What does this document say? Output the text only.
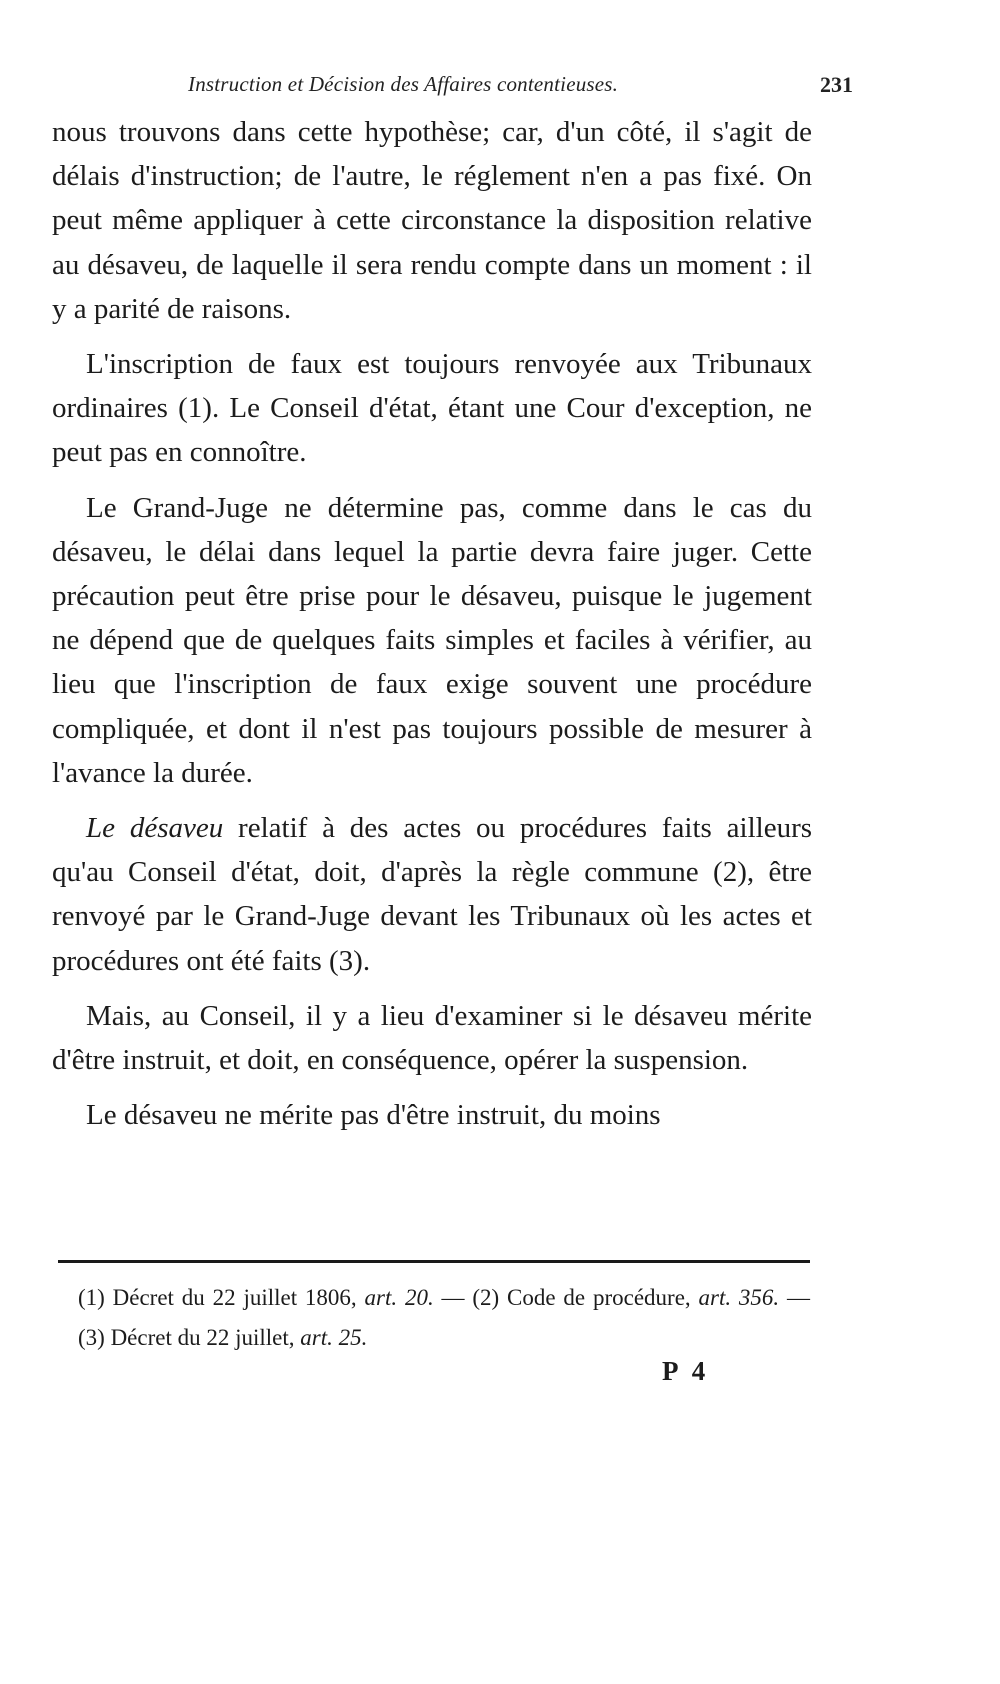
Instruction et Décision des Affaires contentieuses.	231

nous trouvons dans cette hypothèse; car, d'un côté, il s'agit de délais d'instruction; de l'autre, le réglement n'en a pas fixé. On peut même appliquer à cette circonstance la disposition relative au désaveu, de laquelle il sera rendu compte dans un moment : il y a parité de raisons.

L'inscription de faux est toujours renvoyée aux Tribunaux ordinaires (1). Le Conseil d'état, étant une Cour d'exception, ne peut pas en connoître.

Le Grand-Juge ne détermine pas, comme dans le cas du désaveu, le délai dans lequel la partie devra faire juger. Cette précaution peut être prise pour le désaveu, puisque le jugement ne dépend que de quelques faits simples et faciles à vérifier, au lieu que l'inscription de faux exige souvent une procédure compliquée, et dont il n'est pas toujours possible de mesurer à l'avance la durée.

Le désaveu relatif à des actes ou procédures faits ailleurs qu'au Conseil d'état, doit, d'après la règle commune (2), être renvoyé par le Grand-Juge devant les Tribunaux où les actes et procédures ont été faits (3).

Mais, au Conseil, il y a lieu d'examiner si le désaveu mérite d'être instruit, et doit, en conséquence, opérer la suspension.

Le désaveu ne mérite pas d'être instruit, du moins

(1) Décret du 22 juillet 1806, art. 20. — (2) Code de procédure, art. 356. — (3) Décret du 22 juillet, art. 25.

P 4
